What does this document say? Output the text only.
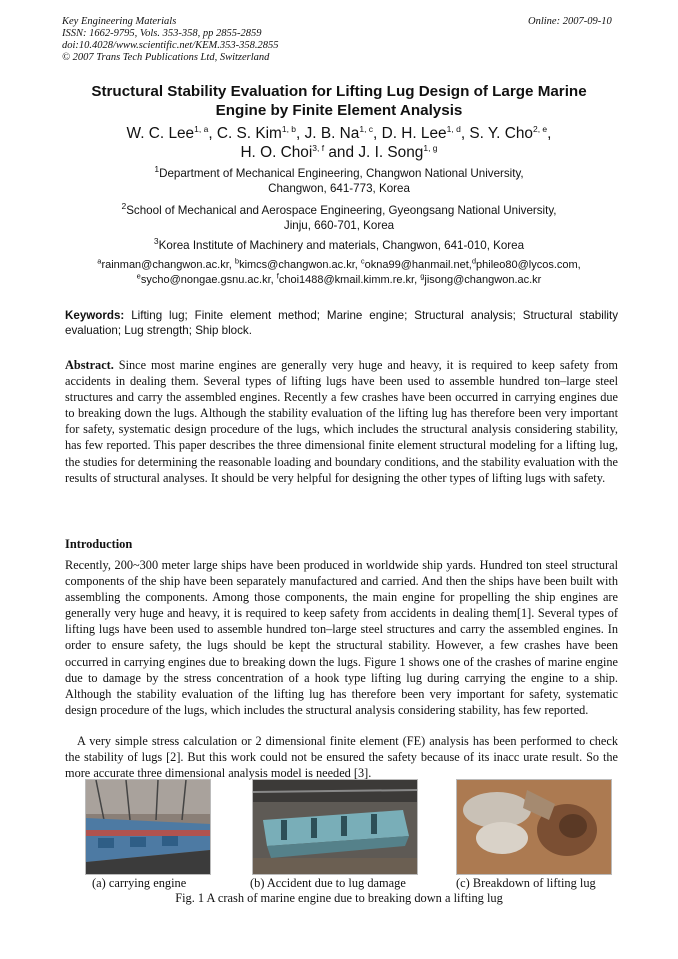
Key Engineering Materials
ISSN: 1662-9795, Vols. 353-358, pp 2855-2859
doi:10.4028/www.scientific.net/KEM.353-358.2855
© 2007 Trans Tech Publications Ltd, Switzerland
Online: 2007-09-10
Structural Stability Evaluation for Lifting Lug Design of Large Marine
Engine by Finite Element Analysis
W. C. Lee$^{1, a}$, C. S. Kim$^{1, b}$, J. B. Na$^{1, c}$, D. H. Lee$^{1, d}$, S. Y. Cho$^{2, e}$,
H. O. Choi$^{3, f}$ and J. I. Song$^{1, g}$
$^1$Department of Mechanical Engineering, Changwon National University,
Changwon, 641-773, Korea
$^2$School of Mechanical and Aerospace Engineering, Gyeongsang National University,
Jinju, 660-701, Korea
$^3$Korea Institute of Machinery and materials, Changwon, 641-010, Korea
$^a$rainman@changwon.ac.kr, $^b$kimcs@changwon.ac.kr, $^c$okna99@hanmail.net,$^d$phileo80@lycos.com,
$^e$sycho@nongae.gsnu.ac.kr, $^f$choi1488@kmail.kimm.re.kr, $^g$jisong@changwon.ac.kr
Keywords: Lifting lug; Finite element method; Marine engine; Structural analysis; Structural stability evaluation; Lug strength; Ship block.
Abstract. Since most marine engines are generally very huge and heavy, it is required to keep safety from accidents in dealing them. Several types of lifting lugs have been used to assemble hundred ton–large steel structures and carry the assembled engines. Recently a few crashes have been occurred in carrying engines due to breaking down the lugs. Although the stability evaluation of the lifting lug has therefore been very important for safety, systematic design procedure of the lugs, which includes the structural analysis considering stability, has few reported. This paper describes the three dimensional finite element structural modeling for a lifting lug, the studies for determining the reasonable loading and boundary conditions, and the stability evaluation with the results of structural analyses. It should be very helpful for designing the other types of lifting lugs with safety.
Introduction
Recently, 200~300 meter large ships have been produced in worldwide ship yards. Hundred ton steel structural components of the ship have been separately manufactured and carried. And then the ships have been built with assembling the components. Among those components, the main engine for propelling the ship engines are generally very huge and heavy, it is required to keep safety from accidents in dealing them[1]. Several types of lifting lugs have been used to assemble hundred ton–large steel structures and carry the assembled engines. In order to ensure safety, the lugs should be kept the structural stability. However, a few crashes have been occurred in carrying engines due to breaking down the lugs. Figure 1 shows one of the crashes of marine engine due to damage by the stress concentration of a hook type lifting lug during carrying the engine to a ship. Although the stability evaluation of the lifting lug has therefore been very important for safety, systematic design procedure of the lugs, which includes the structural analysis considering stability, has few reported.
A very simple stress calculation or 2 dimensional finite element (FE) analysis has been performed to check the stability of lugs [2]. But this work could not be ensured the safety because of its inacc urate result. So the more accurate three dimensional analysis model is needed [3].
(a) carrying engine	(b) Accident due to lug damage	(c) Breakdown of lifting lug
Fig. 1 A crash of marine engine due to breaking down a lifting lug
